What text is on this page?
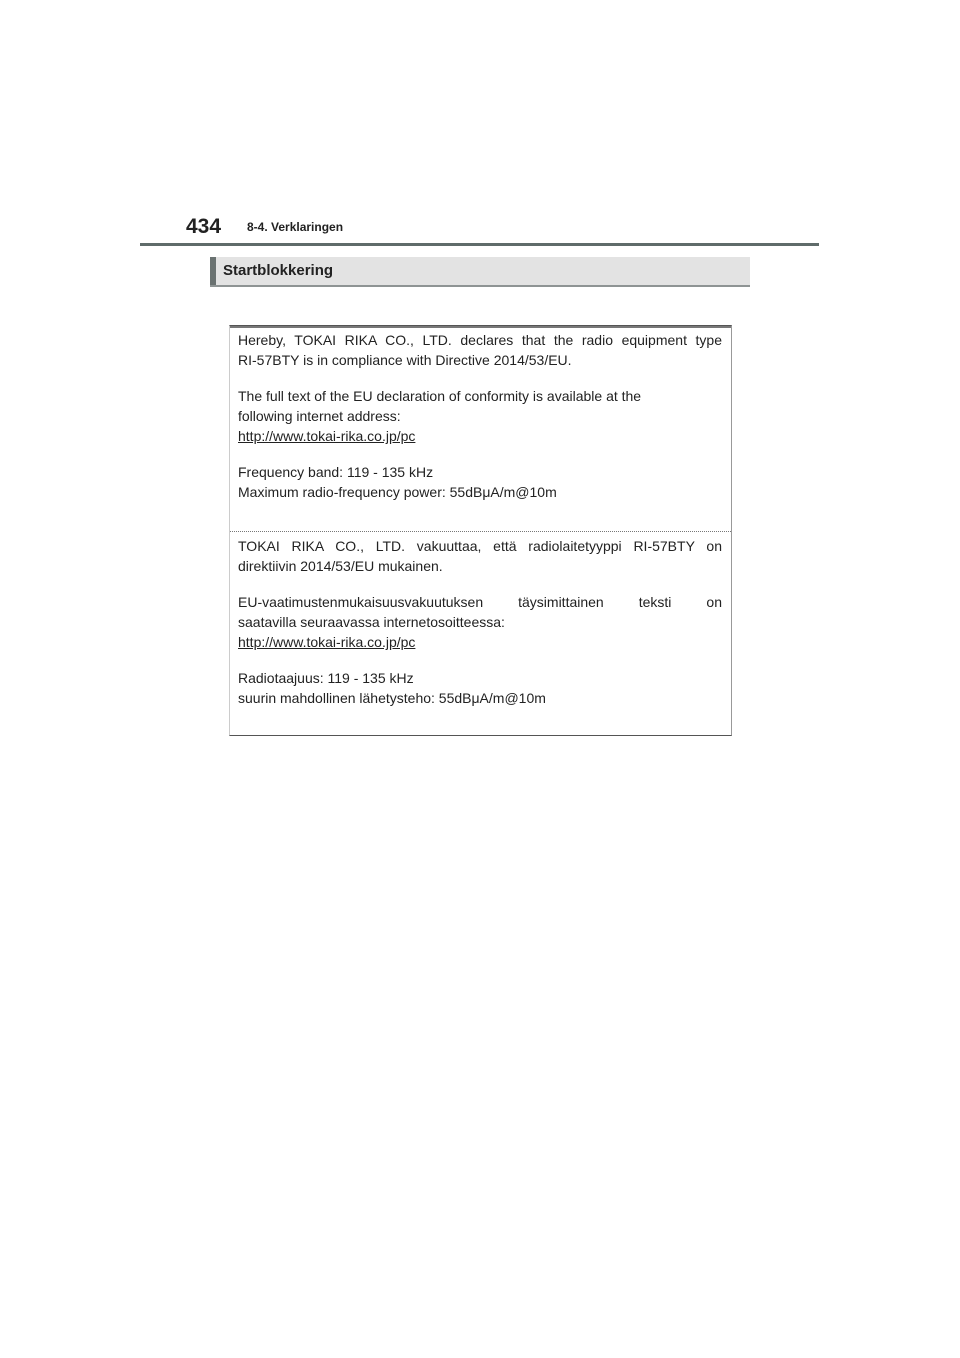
434 8-4. Verklaringen
Startblokkering

Hereby, TOKAI RIKA CO., LTD. declares that the radio equipment type

RI-57BTY is in compliance with Directive 2014/53/EU.

The full text of the EU declaration of conformity is available at the

following internet address:

http://www.tokai-rika.co.jp/pc

Frequency band: 119 - 135 kHz

Maximum radio-frequency power: 55dBμA/m@10m

TOKAI RIKA CO., LTD. vakuuttaa, että radiolaitetyyppi RI-57BTY on

direktiivin 2014/53/EU mukainen.

EU-vaatimustenmukaisuusvakuutuksen täysimittainen teksti on

saatavilla seuraavassa internetosoitteessa:

http://www.tokai-rika.co.jp/pc

Radiotaajuus: 119 - 135 kHz

suurin mahdollinen lähetysteho: 55dBμA/m@10m
